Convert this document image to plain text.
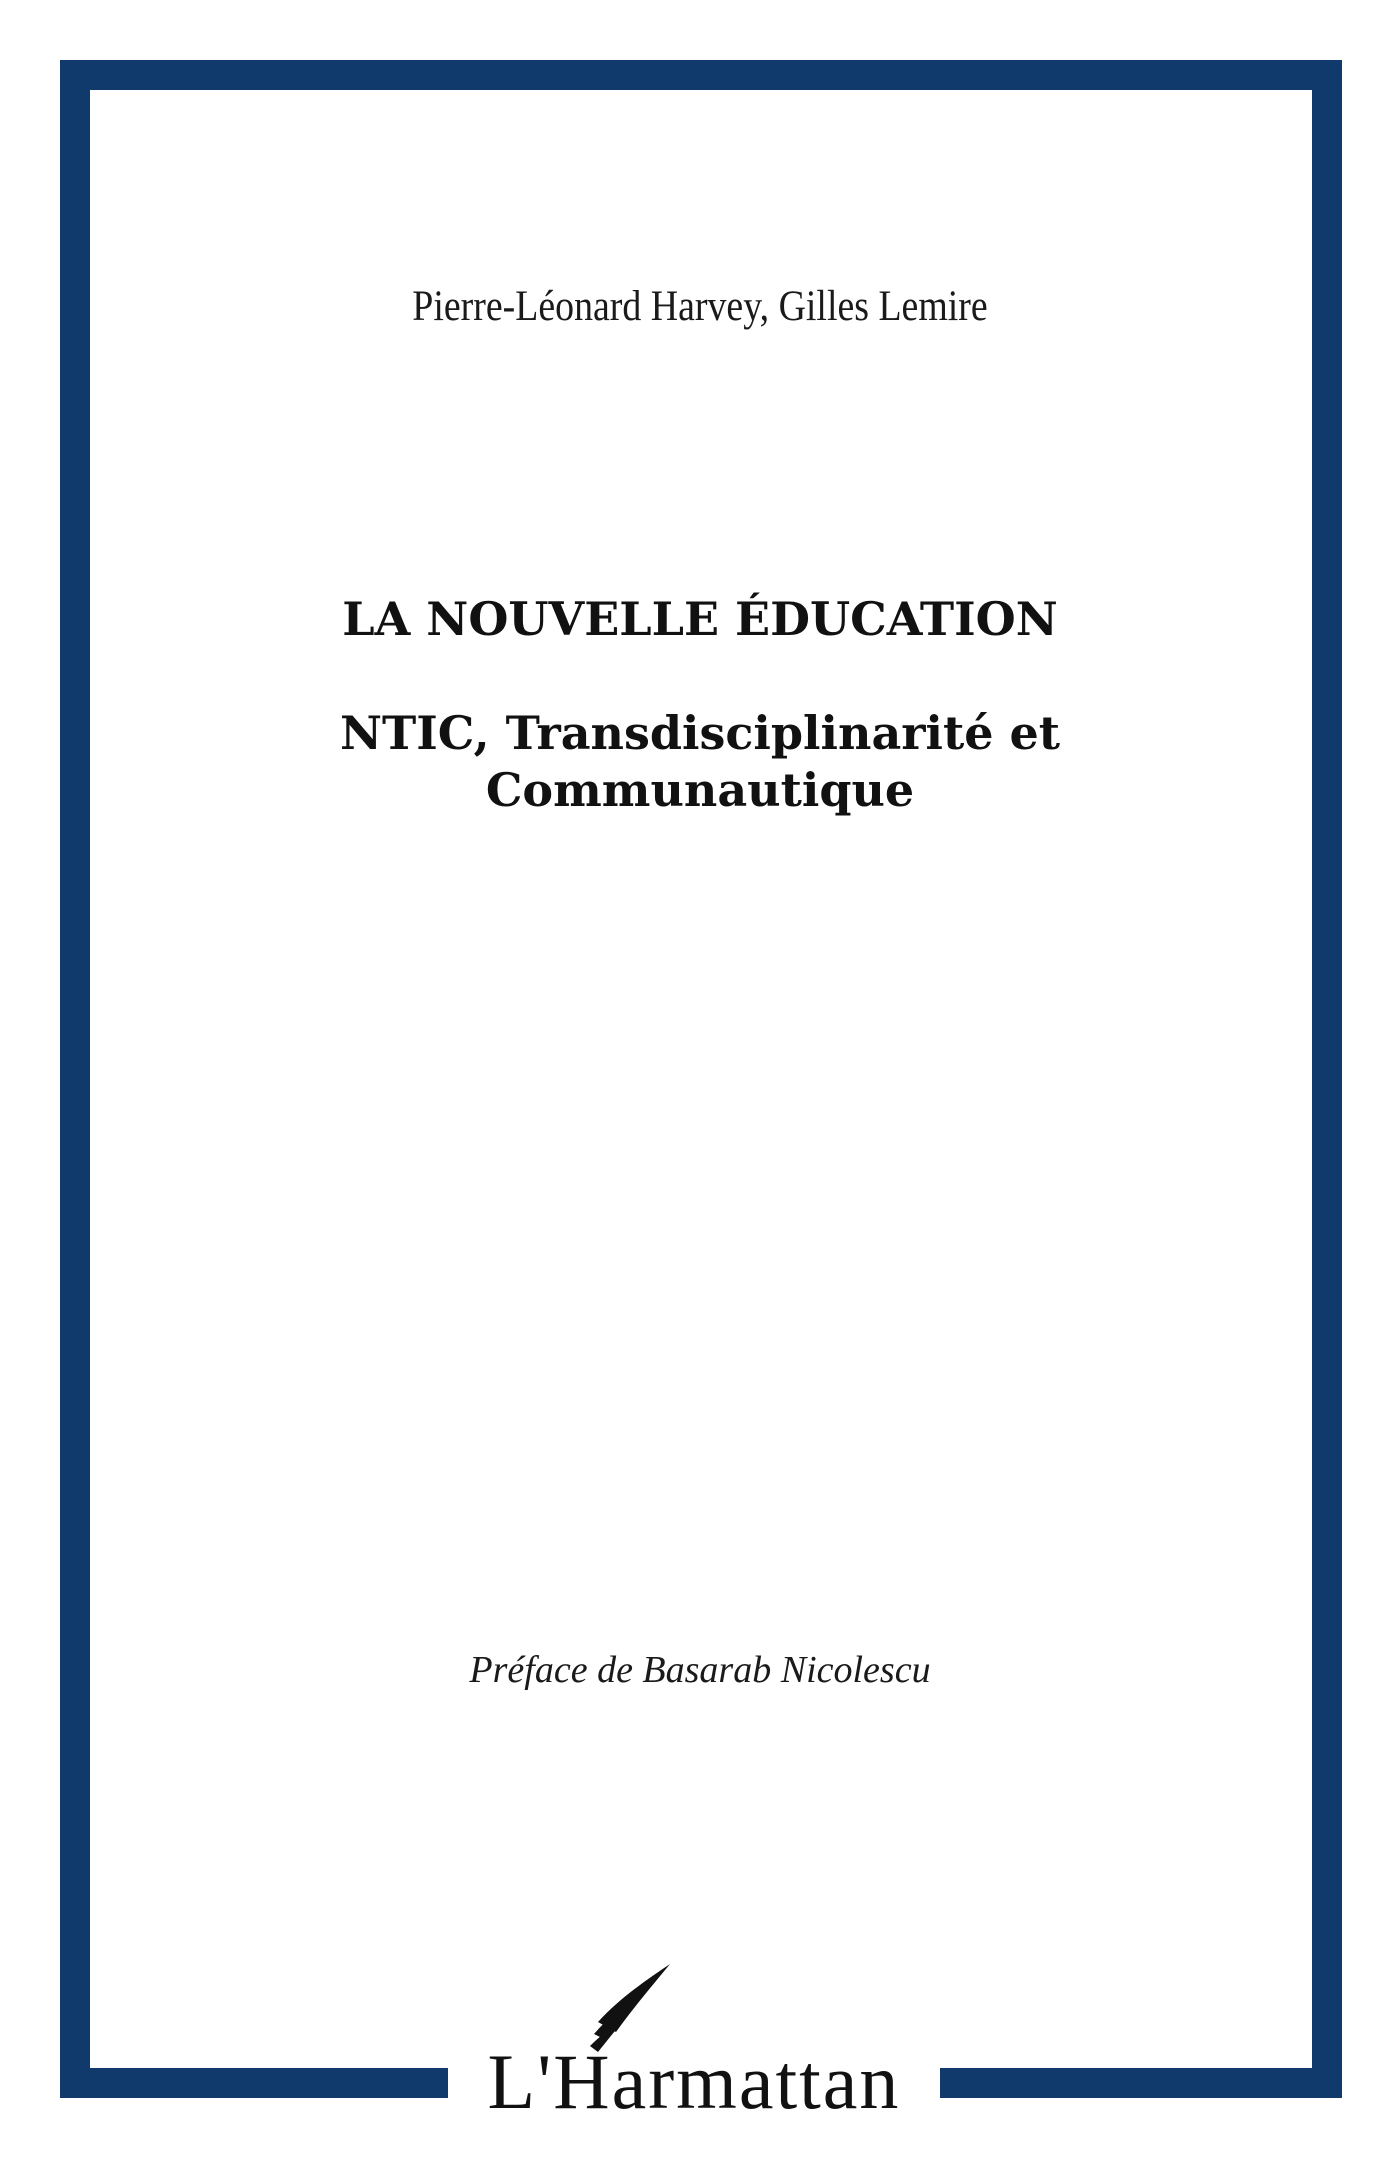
Pierre-Léonard Harvey, Gilles Lemire
LA NOUVELLE ÉDUCATION
NTIC, Transdisciplinarité et
Communautique
Préface de Basarab Nicolescu
L'Harmattan
